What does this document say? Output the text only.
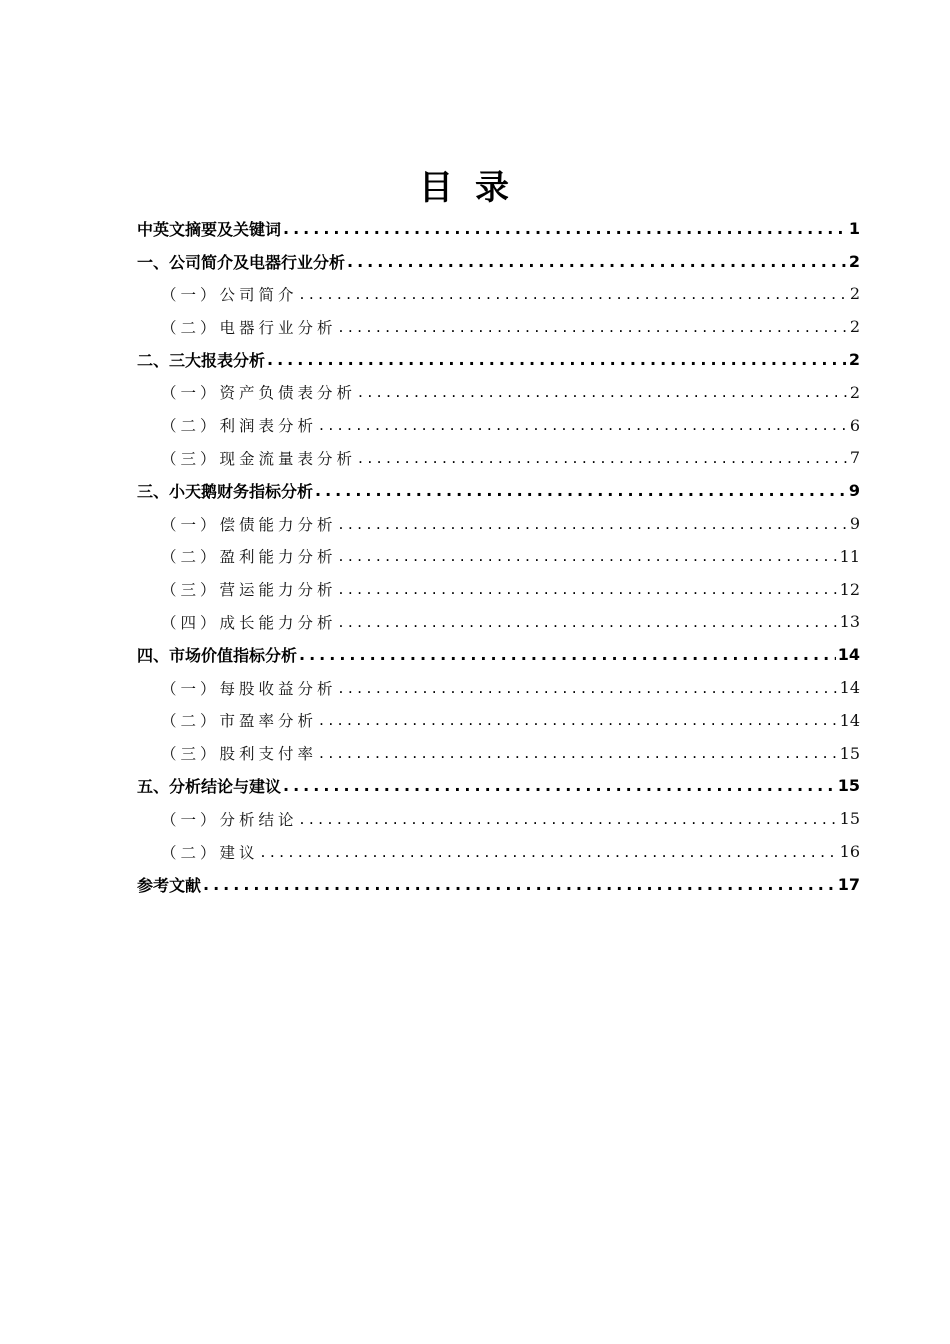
目录
中英文摘要及关键词 .....	1
一、公司简介及电器行业分析 .....	2
（一）公司简介 .....	2
（二）电器行业分析 .....	2
二、三大报表分析 .....	2
（一）资产负债表分析 .....	2
（二）利润表分析 .....	6
（三）现金流量表分析 .....	7
三、小天鹅财务指标分析 .....	9
（一）偿债能力分析 .....	9
（二）盈利能力分析 .....	11
（三）营运能力分析 .....	12
（四）成长能力分析 .....	13
四、市场价值指标分析 .....	14
（一）每股收益分析 .....	14
（二）市盈率分析 .....	14
（三）股利支付率 .....	15
五、分析结论与建议 .....	15
（一）分析结论 .....	15
（二）建议 .....	16
参考文献 .....	17
